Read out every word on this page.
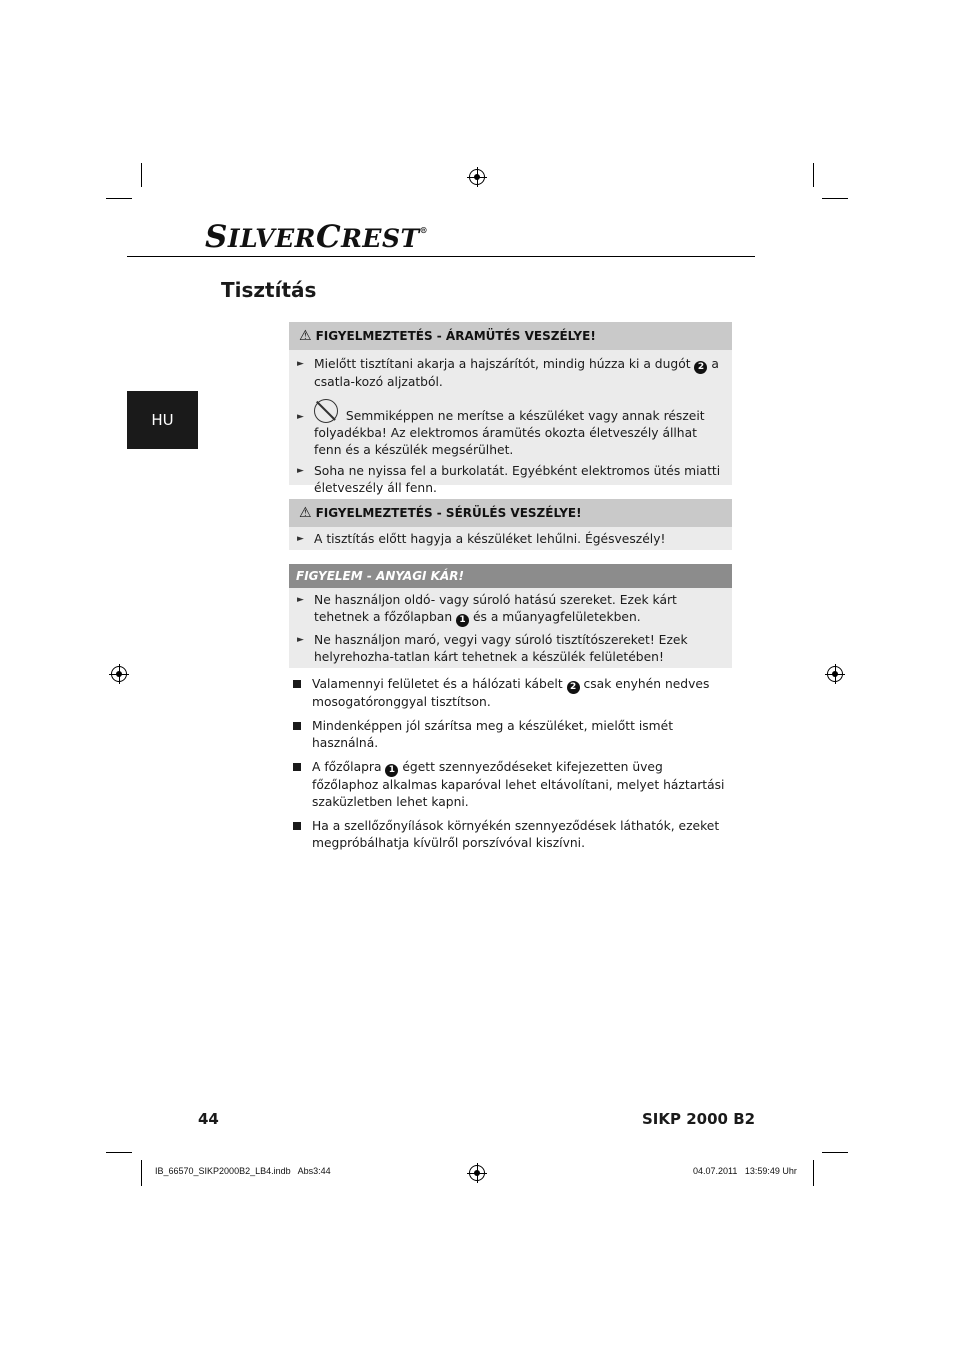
SILVERCREST®
Tisztítás
HU
⚠ FIGYELMEZTETÉS - ÁRAMÜTÉS VESZÉLYE!
► Mielőtt tisztítani akarja a hajszárítót, mindig húzza ki a dugót 2 a csatla-kozó aljzatból.
►	Semmiképpen ne merítse a készüléket vagy annak részeit folyadékba! Az elektromos áramütés okozta életveszély állhat fenn és a készülék megsérülhet.
► Soha ne nyissa fel a burkolatát. Egyébként elektromos ütés miatti életveszély áll fenn.
⚠ FIGYELMEZTETÉS - SÉRÜLÉS VESZÉLYE!
► A tisztítás előtt hagyja a készüléket lehűlni. Égésveszély!
FIGYELEM - ANYAGI KÁR!
► Ne használjon oldó- vagy súroló hatású szereket. Ezek kárt tehetnek a főzőlapban 1 és a műanyagfelületekben.
► Ne használjon maró, vegyi vagy súroló tisztítószereket! Ezek helyrehozha-tatlan kárt tehetnek a készülék felületében!
Valamennyi felületet és a hálózati kábelt 2 csak enyhén nedves mosogatóronggyal tisztítson.
Mindenképpen jól szárítsa meg a készüléket, mielőtt ismét használná.
A főzőlapra 1 égett szennyeződéseket kifejezetten üveg főzőlaphoz alkalmas kaparóval lehet eltávolítani, melyet háztartási szaküzletben lehet kapni.
Ha a szellőzőnyílások környékén szennyeződések láthatók, ezeket megpróbálhatja kívülről porszívóval kiszívni.
44	SIKP 2000 B2
IB_66570_SIKP2000B2_LB4.indb   Abs3:44	04.07.2011   13:59:49 Uhr
